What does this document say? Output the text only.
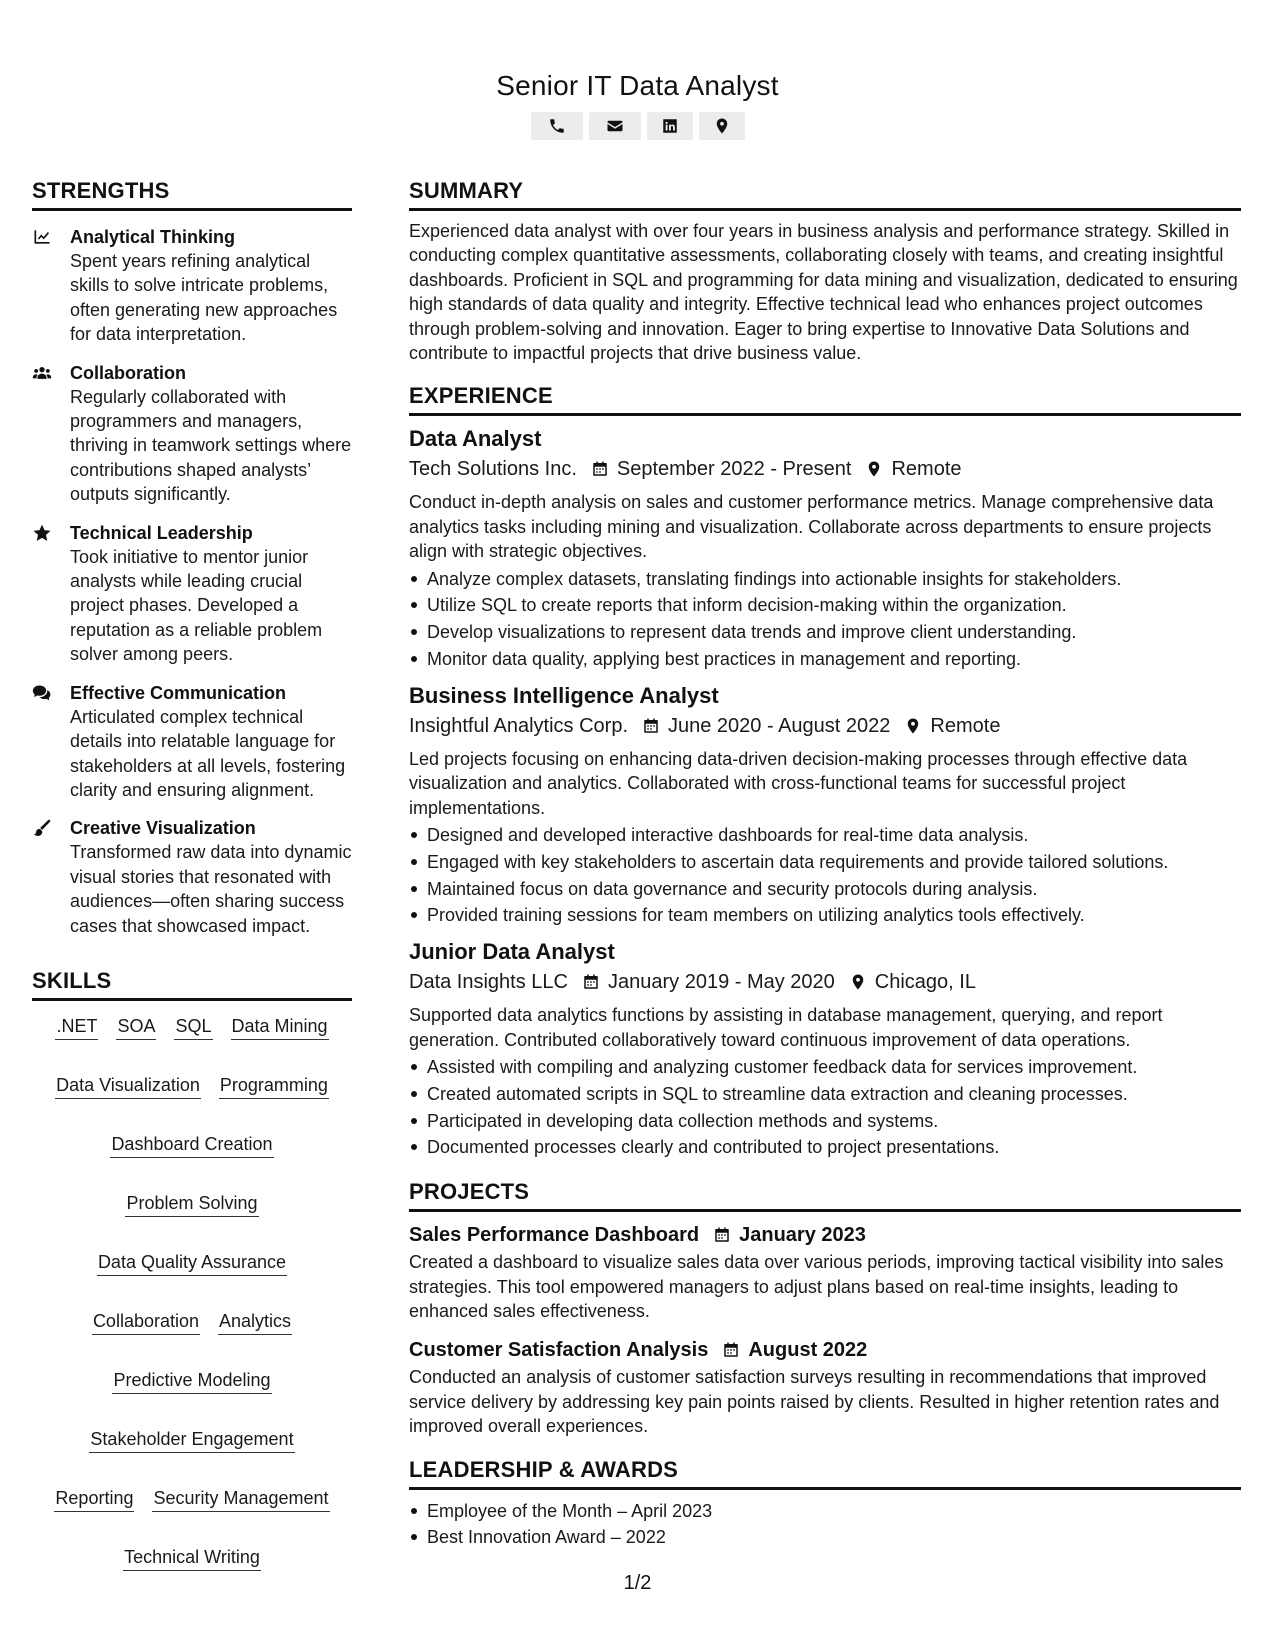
Senior IT Data Analyst
STRENGTHS
Analytical Thinking
Spent years refining analytical skills to solve intricate problems, often generating new approaches for data interpretation.
Collaboration
Regularly collaborated with programmers and managers, thriving in teamwork settings where contributions shaped analysts’ outputs significantly.
Technical Leadership
Took initiative to mentor junior analysts while leading crucial project phases. Developed a reputation as a reliable problem solver among peers.
Effective Communication
Articulated complex technical details into relatable language for stakeholders at all levels, fostering clarity and ensuring alignment.
Creative Visualization
Transformed raw data into dynamic visual stories that resonated with audiences—often sharing success cases that showcased impact.
SKILLS
.NET SOA SQL Data Mining
Data Visualization Programming
Dashboard Creation
Problem Solving
Data Quality Assurance
Collaboration Analytics
Predictive Modeling
Stakeholder Engagement
Reporting Security Management
Technical Writing
SUMMARY
Experienced data analyst with over four years in business analysis and performance strategy. Skilled in conducting complex quantitative assessments, collaborating closely with teams, and creating insightful dashboards. Proficient in SQL and programming for data mining and visualization, dedicated to ensuring high standards of data quality and integrity. Effective technical lead who enhances project outcomes through problem-solving and innovation. Eager to bring expertise to Innovative Data Solutions and contribute to impactful projects that drive business value.
EXPERIENCE
Data Analyst
Tech Solutions Inc. September 2022 - Present Remote
Conduct in-depth analysis on sales and customer performance metrics. Manage comprehensive data analytics tasks including mining and visualization. Collaborate across departments to ensure projects align with strategic objectives.
Analyze complex datasets, translating findings into actionable insights for stakeholders.
Utilize SQL to create reports that inform decision-making within the organization.
Develop visualizations to represent data trends and improve client understanding.
Monitor data quality, applying best practices in management and reporting.
Business Intelligence Analyst
Insightful Analytics Corp. June 2020 - August 2022 Remote
Led projects focusing on enhancing data-driven decision-making processes through effective data visualization and analytics. Collaborated with cross-functional teams for successful project implementations.
Designed and developed interactive dashboards for real-time data analysis.
Engaged with key stakeholders to ascertain data requirements and provide tailored solutions.
Maintained focus on data governance and security protocols during analysis.
Provided training sessions for team members on utilizing analytics tools effectively.
Junior Data Analyst
Data Insights LLC January 2019 - May 2020 Chicago, IL
Supported data analytics functions by assisting in database management, querying, and report generation. Contributed collaboratively toward continuous improvement of data operations.
Assisted with compiling and analyzing customer feedback data for services improvement.
Created automated scripts in SQL to streamline data extraction and cleaning processes.
Participated in developing data collection methods and systems.
Documented processes clearly and contributed to project presentations.
PROJECTS
Sales Performance Dashboard January 2023
Created a dashboard to visualize sales data over various periods, improving tactical visibility into sales strategies. This tool empowered managers to adjust plans based on real-time insights, leading to enhanced sales effectiveness.
Customer Satisfaction Analysis August 2022
Conducted an analysis of customer satisfaction surveys resulting in recommendations that improved service delivery by addressing key pain points raised by clients. Resulted in higher retention rates and improved overall experiences.
LEADERSHIP & AWARDS
Employee of the Month – April 2023
Best Innovation Award – 2022
1/2
